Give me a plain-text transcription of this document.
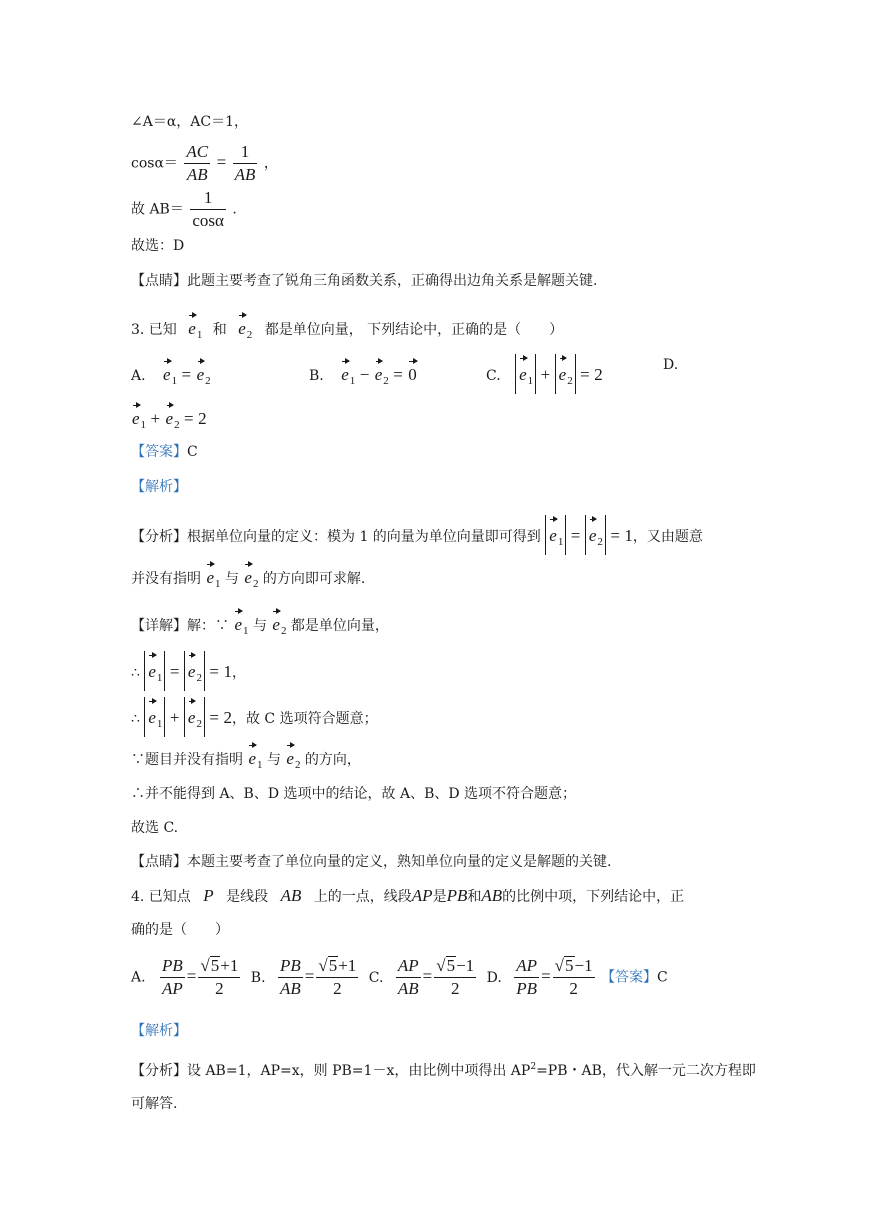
∠A＝α，AC＝1，
$\cos\alpha= \frac{AC}{AB} = \frac{1}{AB}$ ，
故 $AB= \frac{1}{\cos\alpha}$ .
故选：D
【点睛】此题主要考查了锐角三角函数关系，正确得出边角关系是解题关键.
3. 已知 $e_1$ 和 $e_2$ 都是单位向量， 下列结论中，正确的是（　　）
A. $e_1 = e_2$	B. $e_1 - e_2 = 0$	C. $e_1 + e_2 = 2$	D.
$e_1 + e_2 = 2$
【答案】C
【解析】
【分析】根据单位向量的定义：模为 1 的向量为单位向量即可得到 $e_1 = e_2 = 1$，又由题意
并没有指明 $e_1$ 与 $e_2$ 的方向即可求解.
【详解】解：∵ $e_1$ 与 $e_2$ 都是单位向量，
∴ $e_1 = e_2 = 1$，
∴ $e_1 + e_2 = 2$，故 C 选项符合题意；
∵题目并没有指明 $e_1$ 与 $e_2$ 的方向，
∴并不能得到 A、B、D 选项中的结论，故 A、B、D 选项不符合题意；
故选 C.
【点睛】本题主要考查了单位向量的定义，熟知单位向量的定义是解题的关键.
4. 已知点 P 是线段 AB 上的一点，线段AP是PB和AB的比例中项，下列结论中，正
确的是（　　）
A. $\frac{PB}{AP} = \frac{√5+1}{2} B$. $\frac{PB}{AB} = \frac{√5+1}{2} C$. $\frac{AP}{AB} = \frac{√5-1}{2} D$. $\frac{AP}{PB} = \frac{√5-1}{2}$ 【答案】C
【解析】
【分析】设 AB=1，AP=x，则 PB=1－x，由比例中项得出 $AP^2=PB$・AB，代入解一元二次方程即
可解答.
